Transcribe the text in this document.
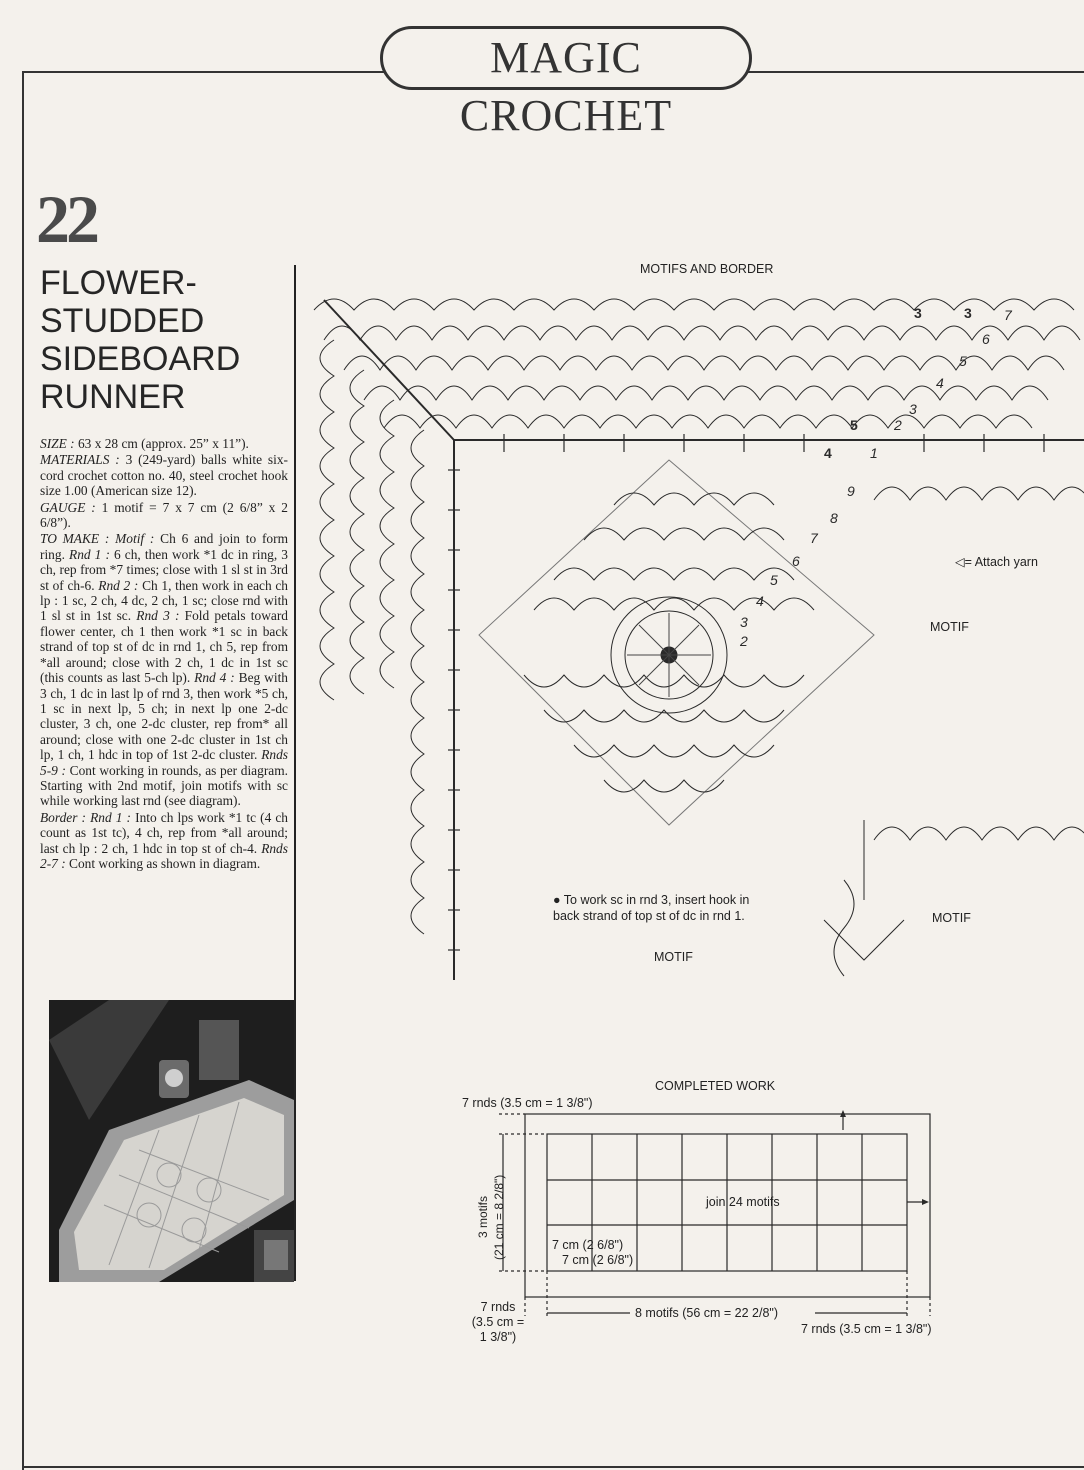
MAGIC CROCHET
22
FLOWER-
STUDDED
SIDEBOARD
RUNNER

SIZE : 63 x 28 cm (approx. 25” x 11”).

MATERIALS : 3 (249-yard) balls white six-cord crochet cotton no. 40, steel crochet hook size 1.00 (American size 12).

GAUGE : 1 motif = 7 x 7 cm (2 6/8” x 2 6/8”).

TO MAKE : Motif : Ch 6 and join to form ring. Rnd 1 : 6 ch, then work *1 dc in ring, 3 ch, rep from *7 times; close with 1 sl st in 3rd st of ch-6. Rnd 2 : Ch 1, then work in each ch lp : 1 sc, 2 ch, 4 dc, 2 ch, 1 sc; close rnd with 1 sl st in 1st sc. Rnd 3 : Fold petals toward flower center, ch 1 then work *1 sc in back strand of top st of dc in rnd 1, ch 5, rep from *all around; close with 2 ch, 1 dc in 1st sc (this counts as last 5-ch lp). Rnd 4 : Beg with 3 ch, 1 dc in last lp of rnd 3, then work *5 ch, 1 sc in next lp, 5 ch; in next lp one 2-dc cluster, 3 ch, one 2-dc cluster, rep from* all around; close with one 2-dc cluster in 1st ch lp, 1 ch, 1 hdc in top of 1st 2-dc cluster. Rnds 5-9 : Cont working in rounds, as per diagram. Starting with 2nd motif, join motifs with sc while working last rnd (see diagram).

Border : Rnd 1 : Into ch lps work *1 tc (4 ch count as 1st tc), 4 ch, rep from *all around; last ch lp : 2 ch, 1 hdc in top st of ch-4. Rnds 2-7 : Cont working as shown in diagram.

MOTIFS AND BORDER
4
5
3	3
1
2
3
4
5
6
7
2
3
4
5
6
7
8
9
◁= Attach yarn
MOTIF
MOTIF
MOTIF
● To work sc in rnd 3, insert hook in back strand of top st of dc in rnd 1.
COMPLETED WORK
7 rnds (3.5 cm = 1 3/8")
join 24 motifs
7 cm (2 6/8")
7 cm (2 6/8")
3 motifs (21 cm = 8 2/8")
7 rnds
(3.5 cm =
1 3/8")
8 motifs (56 cm = 22 2/8")
7 rnds (3.5 cm = 1 3/8")
